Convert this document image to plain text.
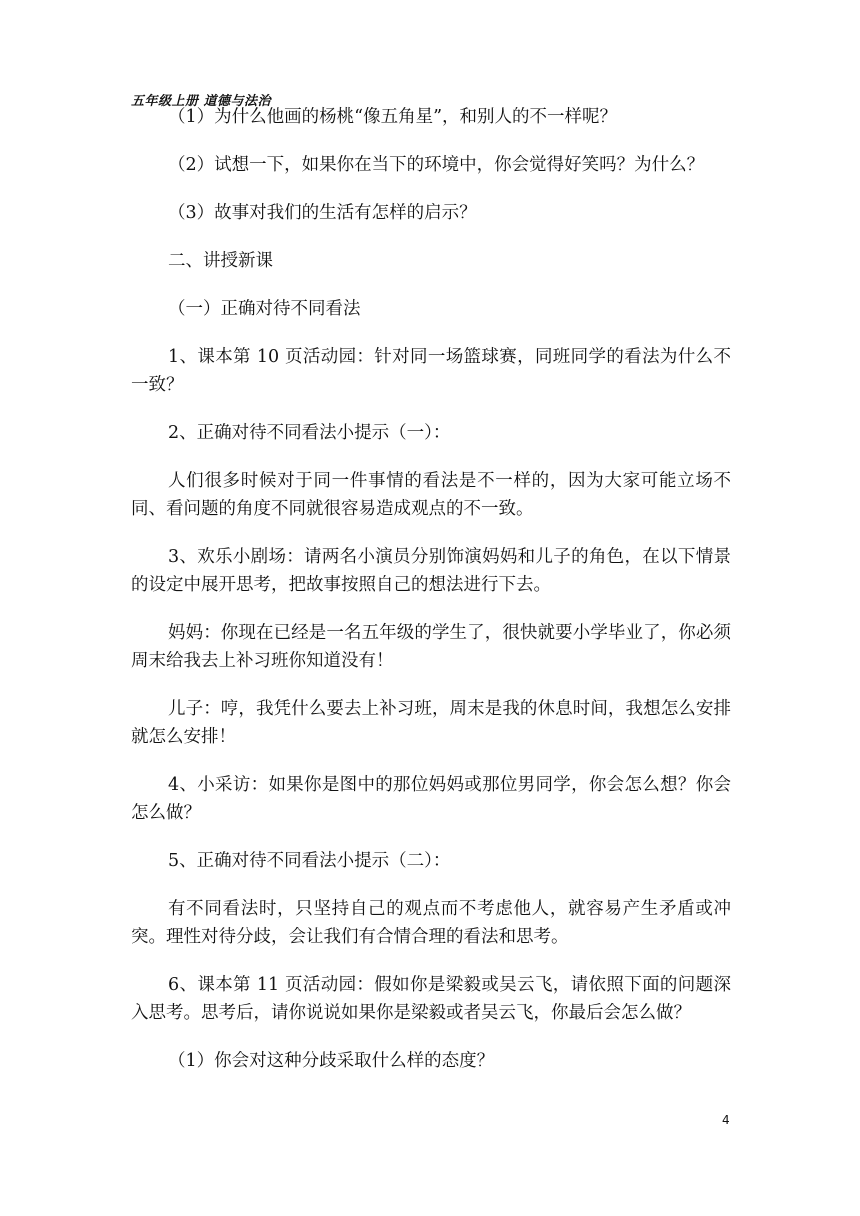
五年级上册 道德与法治

（1）为什么他画的杨桃“像五角星”，和别人的不一样呢？

（2）试想一下，如果你在当下的环境中，你会觉得好笑吗？为什么？

（3）故事对我们的生活有怎样的启示？

二、讲授新课

（一）正确对待不同看法

1、课本第 10 页活动园：针对同一场篮球赛，同班同学的看法为什么不一致？

2、正确对待不同看法小提示（一）：

人们很多时候对于同一件事情的看法是不一样的，因为大家可能立场不同、看问题的角度不同就很容易造成观点的不一致。

3、欢乐小剧场：请两名小演员分别饰演妈妈和儿子的角色，在以下情景的设定中展开思考，把故事按照自己的想法进行下去。

妈妈：你现在已经是一名五年级的学生了，很快就要小学毕业了，你必须周末给我去上补习班你知道没有！

儿子：哼，我凭什么要去上补习班，周末是我的休息时间，我想怎么安排就怎么安排！

4、小采访：如果你是图中的那位妈妈或那位男同学，你会怎么想？你会怎么做？

5、正确对待不同看法小提示（二）：

有不同看法时，只坚持自己的观点而不考虑他人，就容易产生矛盾或冲突。理性对待分歧，会让我们有合情合理的看法和思考。

6、课本第 11 页活动园：假如你是梁毅或吴云飞，请依照下面的问题深入思考。思考后，请你说说如果你是梁毅或者吴云飞，你最后会怎么做？

（1）你会对这种分歧采取什么样的态度？

4
